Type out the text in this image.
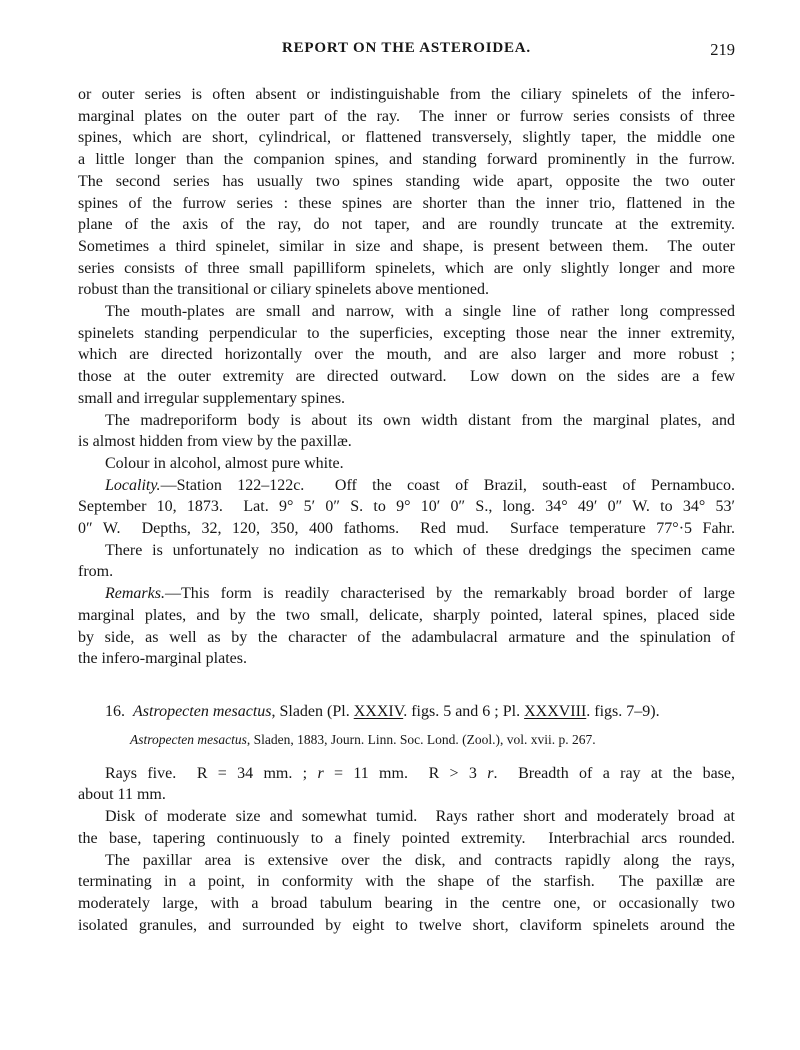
REPORT ON THE ASTEROIDEA.	219

or outer series is often absent or indistinguishable from the ciliary spinelets of the infero-
marginal plates on the outer part of the ray.  The inner or furrow series consists of three
spines, which are short, cylindrical, or flattened transversely, slightly taper, the middle one
a little longer than the companion spines, and standing forward prominently in the furrow.
The second series has usually two spines standing wide apart, opposite the two outer
spines of the furrow series : these spines are shorter than the inner trio, flattened in the
plane of the axis of the ray, do not taper, and are roundly truncate at the extremity.
Sometimes a third spinelet, similar in size and shape, is present between them.  The outer
series consists of three small papilliform spinelets, which are only slightly longer and more
robust than the transitional or ciliary spinelets above mentioned.

The mouth-plates are small and narrow, with a single line of rather long compressed
spinelets standing perpendicular to the superficies, excepting those near the inner extremity,
which are directed horizontally over the mouth, and are also larger and more robust ;
those at the outer extremity are directed outward.  Low down on the sides are a few
small and irregular supplementary spines.

The madreporiform body is about its own width distant from the marginal plates, and
is almost hidden from view by the paxillæ.

Colour in alcohol, almost pure white.

Locality.—Station 122–122c.  Off the coast of Brazil, south-east of Pernambuco.
September 10, 1873.  Lat. 9° 5′ 0″ S. to 9° 10′ 0″ S., long. 34° 49′ 0″ W. to 34° 53′
0″ W.  Depths, 32, 120, 350, 400 fathoms.  Red mud.  Surface temperature 77°·5 Fahr.

There is unfortunately no indication as to which of these dredgings the specimen came
from.

Remarks.—This form is readily characterised by the remarkably broad border of large
marginal plates, and by the two small, delicate, sharply pointed, lateral spines, placed side
by side, as well as by the character of the adambulacral armature and the spinulation of
the infero-marginal plates.

16.  Astropecten mesactus, Sladen (Pl. XXXIV. figs. 5 and 6 ; Pl. XXXVIII. figs. 7–9).

Astropecten mesactus, Sladen, 1883, Journ. Linn. Soc. Lond. (Zool.), vol. xvii. p. 267.

Rays five.  R = 34 mm. ; r = 11 mm.  R > 3 r.  Breadth of a ray at the base,
about 11 mm.

Disk of moderate size and somewhat tumid.  Rays rather short and moderately broad at
the base, tapering continuously to a finely pointed extremity.  Interbrachial arcs rounded.

The paxillar area is extensive over the disk, and contracts rapidly along the rays,
terminating in a point, in conformity with the shape of the starfish.  The paxillæ are
moderately large, with a broad tabulum bearing in the centre one, or occasionally two
isolated granules, and surrounded by eight to twelve short, claviform spinelets around the
